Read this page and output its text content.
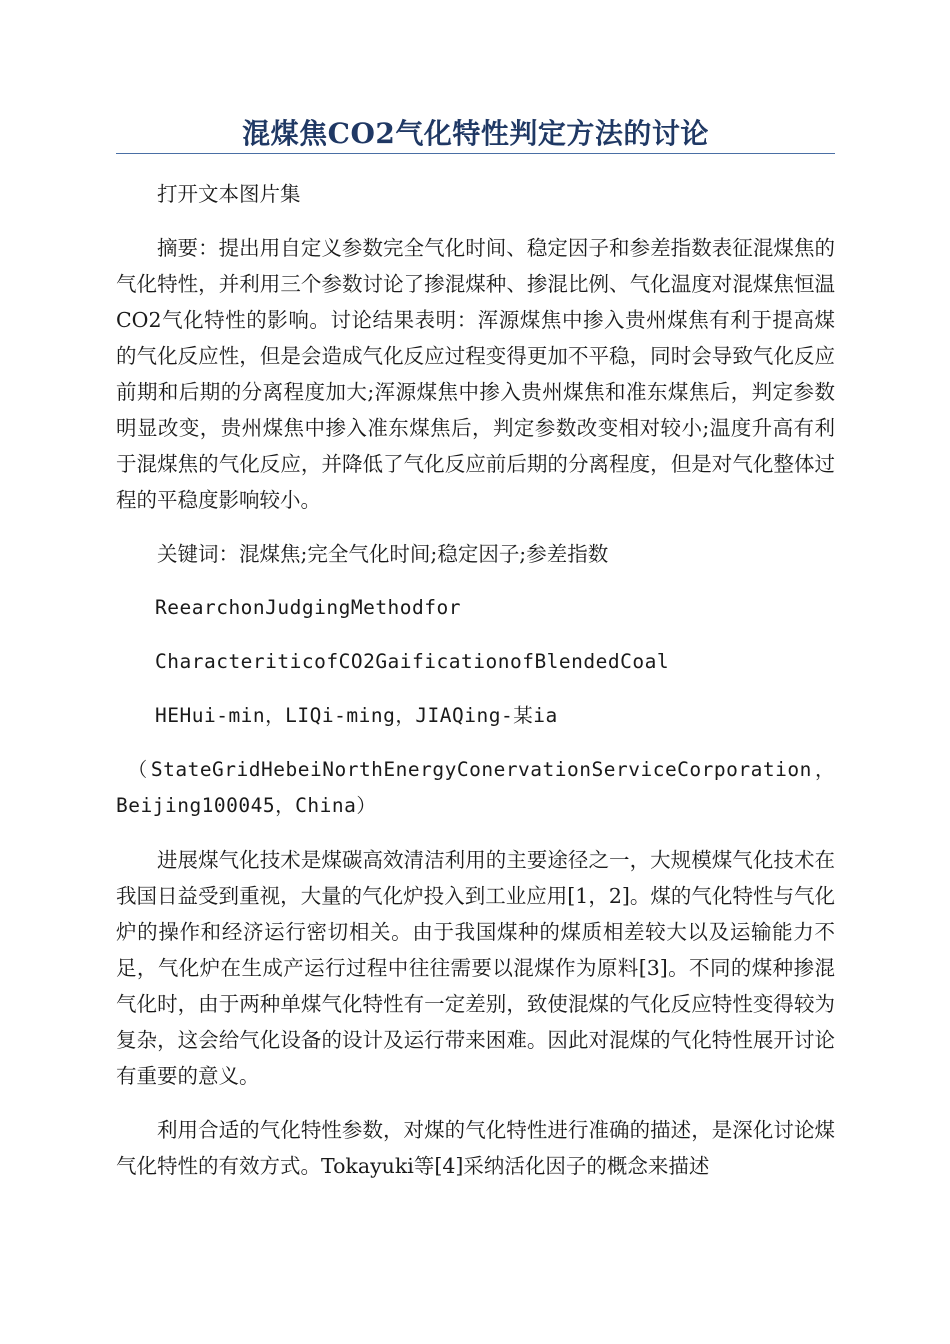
混煤焦CO2气化特性判定方法的讨论

打开文本图片集

摘要：提出用自定义参数完全气化时间、稳定因子和参差指数表征混煤焦的气化特性，并利用三个参数讨论了掺混煤种、掺混比例、气化温度对混煤焦恒温CO2气化特性的影响。讨论结果表明：浑源煤焦中掺入贵州煤焦有利于提高煤的气化反应性，但是会造成气化反应过程变得更加不平稳，同时会导致气化反应前期和后期的分离程度加大;浑源煤焦中掺入贵州煤焦和准东煤焦后，判定参数明显改变，贵州煤焦中掺入准东煤焦后，判定参数改变相对较小;温度升高有利于混煤焦的气化反应，并降低了气化反应前后期的分离程度，但是对气化整体过程的平稳度影响较小。

关键词：混煤焦;完全气化时间;稳定因子;参差指数

ReearchonJudgingMethodfor

CharacteriticofCO2GaificationofBlendedCoal

HEHui-min，LIQi-ming，JIAQing-某ia

（StateGridHebeiNorthEnergyConervationServiceCorporation，Beijing100045，China）

进展煤气化技术是煤碳高效清洁利用的主要途径之一，大规模煤气化技术在我国日益受到重视，大量的气化炉投入到工业应用[1，2]。煤的气化特性与气化炉的操作和经济运行密切相关。由于我国煤种的煤质相差较大以及运输能力不足，气化炉在生成产运行过程中往往需要以混煤作为原料[3]。不同的煤种掺混气化时，由于两种单煤气化特性有一定差别，致使混煤的气化反应特性变得较为复杂，这会给气化设备的设计及运行带来困难。因此对混煤的气化特性展开讨论有重要的意义。

利用合适的气化特性参数，对煤的气化特性进行准确的描述，是深化讨论煤气化特性的有效方式。Tokayuki等[4]采纳活化因子的概念来描述
